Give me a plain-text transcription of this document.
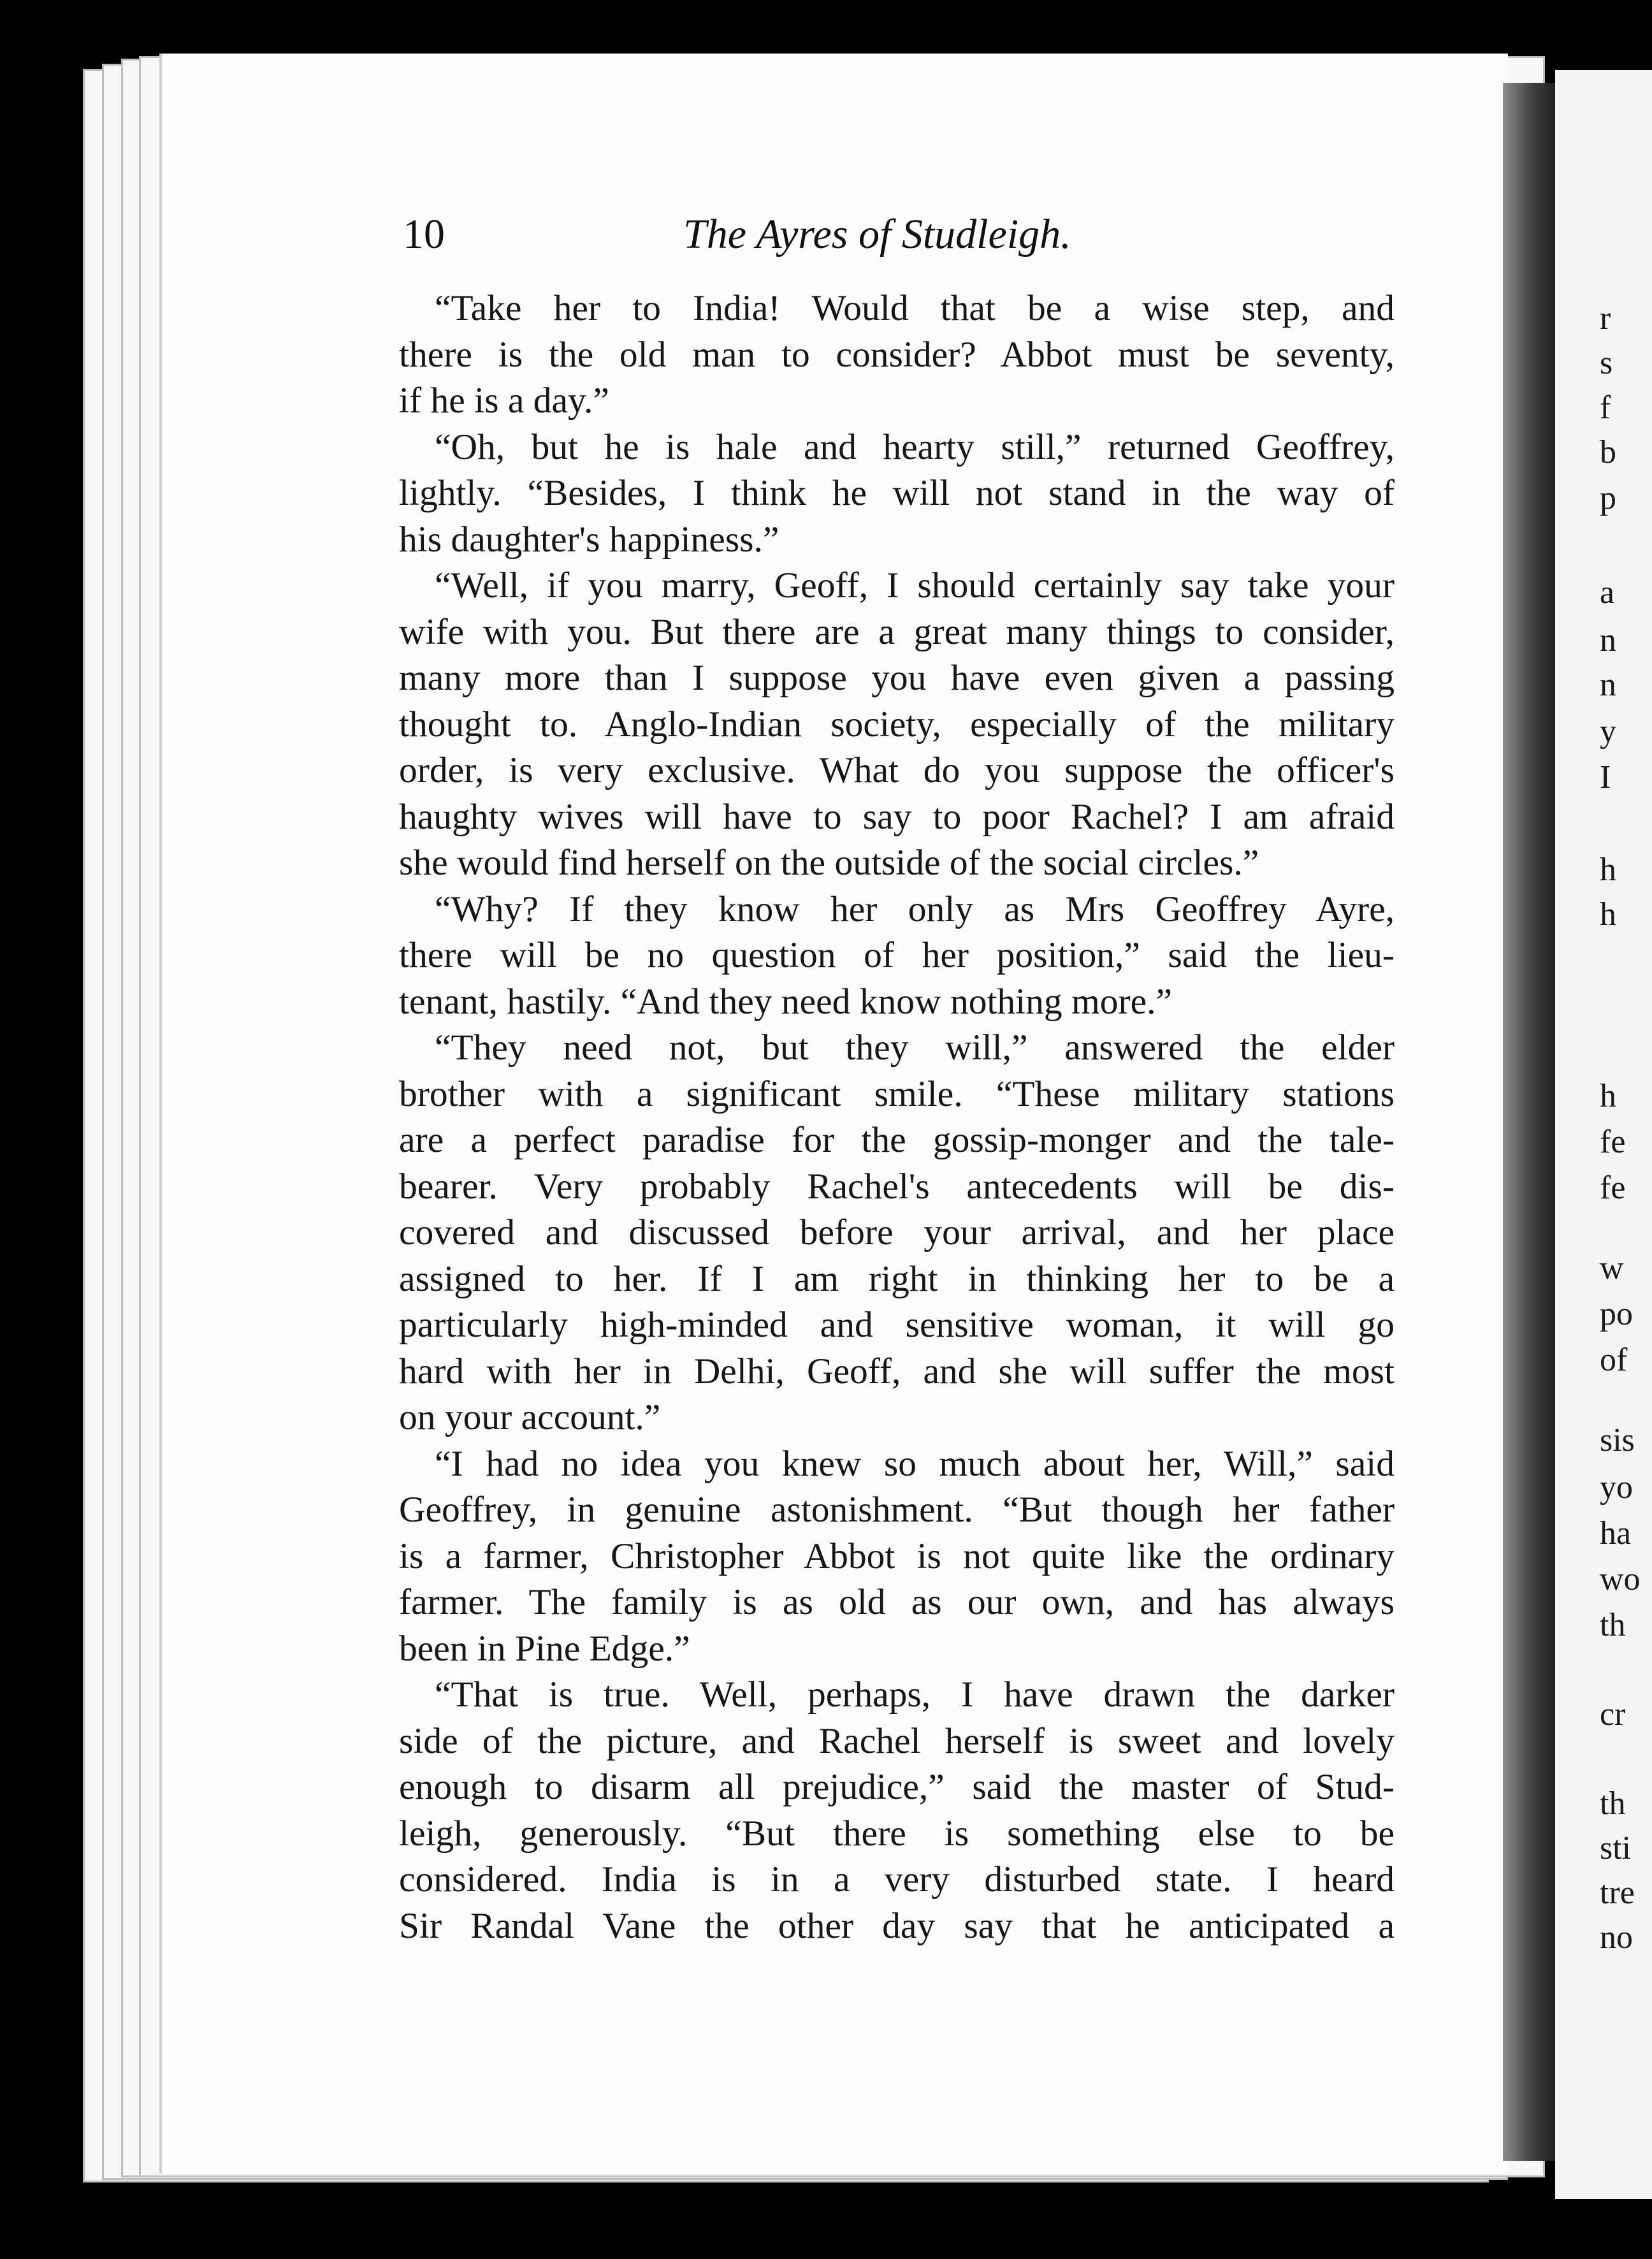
10	The Ayres of Studleigh.
“Take her to India! Would that be a wise step, and
there is the old man to consider? Abbot must be seventy,
if he is a day.”
“Oh, but he is hale and hearty still,” returned Geoffrey,
lightly. “Besides, I think he will not stand in the way of
his daughter's happiness.”
“Well, if you marry, Geoff, I should certainly say take your
wife with you. But there are a great many things to consider,
many more than I suppose you have even given a passing
thought to. Anglo-Indian society, especially of the military
order, is very exclusive. What do you suppose the officer's
haughty wives will have to say to poor Rachel? I am afraid
she would find herself on the outside of the social circles.”
“Why? If they know her only as Mrs Geoffrey Ayre,
there will be no question of her position,” said the lieu-
tenant, hastily. “And they need know nothing more.”
“They need not, but they will,” answered the elder
brother with a significant smile. “These military stations
are a perfect paradise for the gossip-monger and the tale-
bearer. Very probably Rachel's antecedents will be dis-
covered and discussed before your arrival, and her place
assigned to her. If I am right in thinking her to be a
particularly high-minded and sensitive woman, it will go
hard with her in Delhi, Geoff, and she will suffer the most
on your account.”
“I had no idea you knew so much about her, Will,” said
Geoffrey, in genuine astonishment. “But though her father
is a farmer, Christopher Abbot is not quite like the ordinary
farmer. The family is as old as our own, and has always
been in Pine Edge.”
“That is true. Well, perhaps, I have drawn the darker
side of the picture, and Rachel herself is sweet and lovely
enough to disarm all prejudice,” said the master of Stud-
leigh, generously. “But there is something else to be
considered. India is in a very disturbed state. I heard
Sir Randal Vane the other day say that he anticipated a
r
s
f
b
p
a
n
n
y
I
h
h
h
fe
fe
w
po
of
sis
yo
ha
wo
th
cr
th
sti
tre
no
